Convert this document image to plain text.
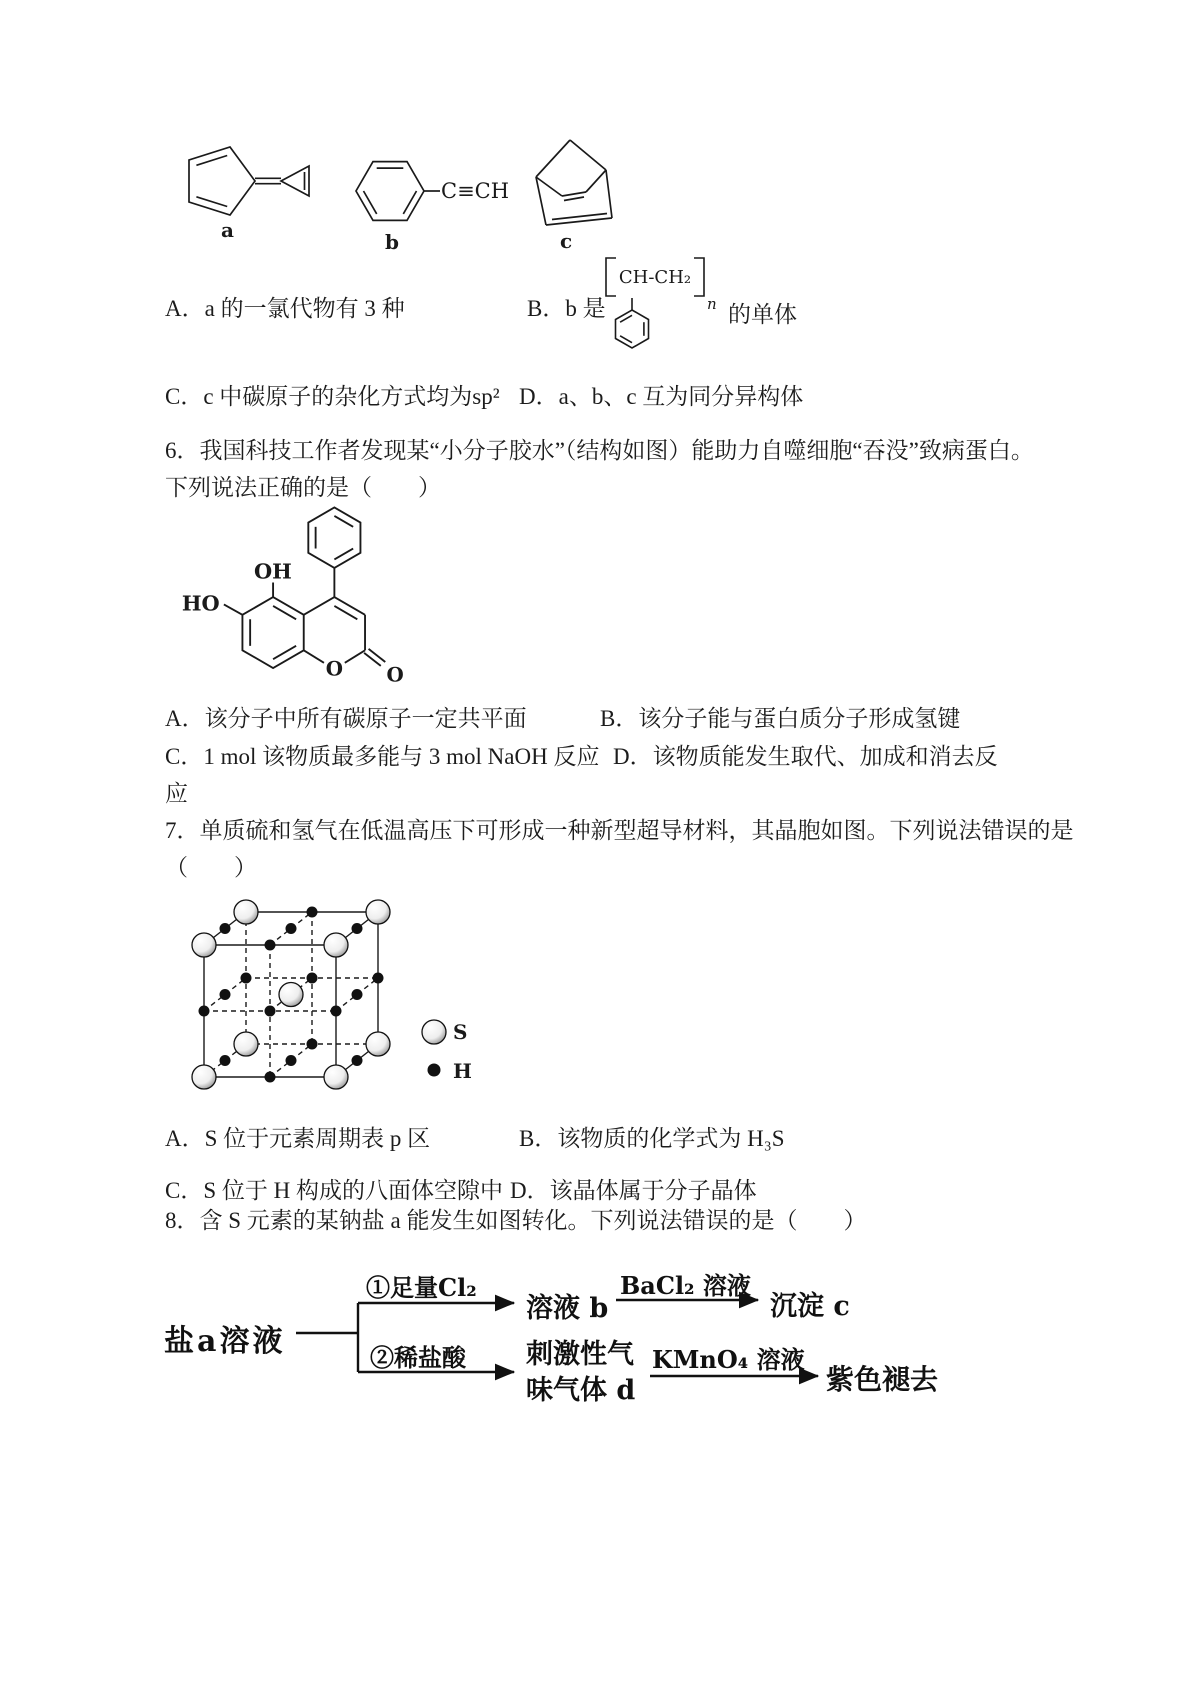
a
C≡CH
b	c
A．a 的一氯代物有 3 种	B．b 是
CH-CH₂
n 的单体
C．c 中碳原子的杂化方式均为sp² D．a、b、c 互为同分异构体
6．我国科技工作者发现某“小分子胶水”（结构如图）能助力自噬细胞“吞没”致病蛋白。
下列说法正确的是（　　）
OH
HO
O O
A．该分子中所有碳原子一定共平面	B．该分子能与蛋白质分子形成氢键
C．1 mol 该物质最多能与 3 mol NaOH 反应 D．该物质能发生取代、加成和消去反
应
7．单质硫和氢气在低温高压下可形成一种新型超导材料，其晶胞如图。下列说法错误的是
（　　）
S
H
A．S 位于元素周期表 p 区	B．该物质的化学式为 H₃S
C．S 位于 H 构成的八面体空隙中 D．该晶体属于分子晶体
8．含 S 元素的某钠盐 a 能发生如图转化。下列说法错误的是（　　）
盐a溶液
①足量Cl₂
溶液 b
BaCl₂ 溶液
沉淀 c
②稀盐酸 刺激性气
味气体 d
KMnO₄ 溶液
紫色褪去
